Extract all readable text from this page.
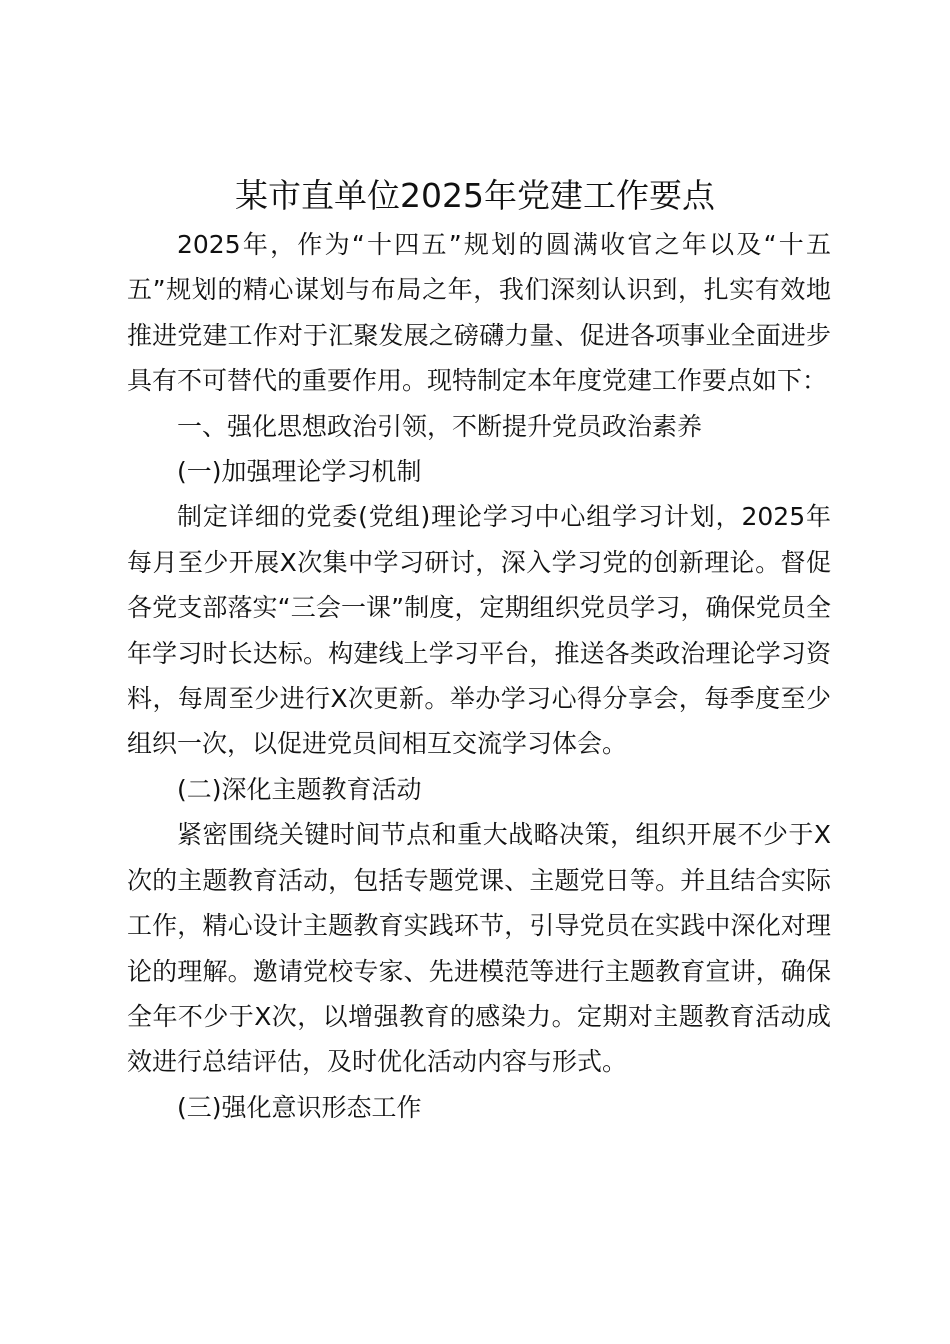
某市直单位2025年党建工作要点

2025年，作为“十四五”规划的圆满收官之年以及“十五五”规划的精心谋划与布局之年，我们深刻认识到，扎实有效地推进党建工作对于汇聚发展之磅礴力量、促进各项事业全面进步具有不可替代的重要作用。现特制定本年度党建工作要点如下：

一、强化思想政治引领，不断提升党员政治素养

(一)加强理论学习机制

制定详细的党委(党组)理论学习中心组学习计划，2025年每月至少开展X次集中学习研讨，深入学习党的创新理论。督促各党支部落实“三会一课”制度，定期组织党员学习，确保党员全年学习时长达标。构建线上学习平台，推送各类政治理论学习资料，每周至少进行X次更新。举办学习心得分享会，每季度至少组织一次，以促进党员间相互交流学习体会。

(二)深化主题教育活动

紧密围绕关键时间节点和重大战略决策，组织开展不少于X次的主题教育活动，包括专题党课、主题党日等。并且结合实际工作，精心设计主题教育实践环节，引导党员在实践中深化对理论的理解。邀请党校专家、先进模范等进行主题教育宣讲，确保全年不少于X次，以增强教育的感染力。定期对主题教育活动成效进行总结评估，及时优化活动内容与形式。

(三)强化意识形态工作
